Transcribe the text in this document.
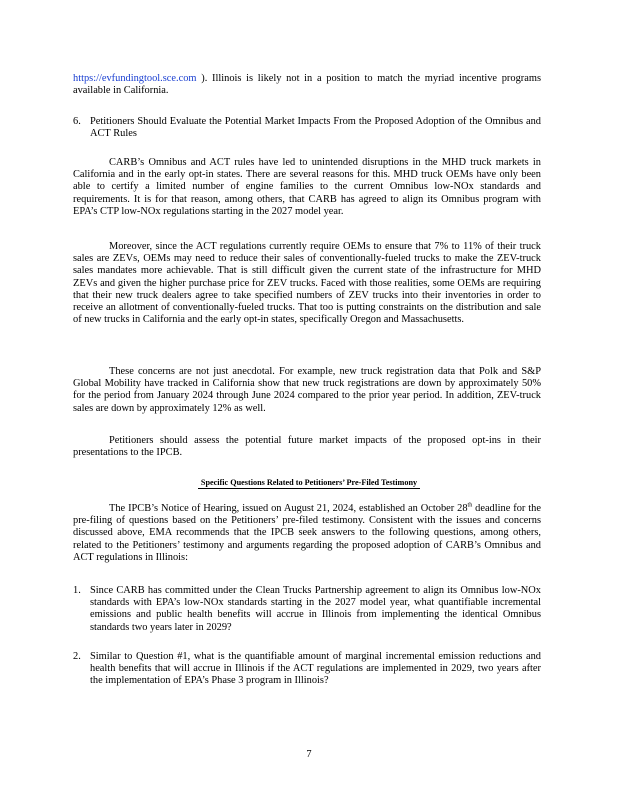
https://evfundingtool.sce.com ). Illinois is likely not in a position to match the myriad incentive programs available in California.

6. Petitioners Should Evaluate the Potential Market Impacts From the Proposed Adoption of the Omnibus and ACT Rules

CARB’s Omnibus and ACT rules have led to unintended disruptions in the MHD truck markets in California and in the early opt-in states. There are several reasons for this. MHD truck OEMs have only been able to certify a limited number of engine families to the current Omnibus low-NOx standards and requirements. It is for that reason, among others, that CARB has agreed to align its Omnibus program with EPA’s CTP low-NOx regulations starting in the 2027 model year.

Moreover, since the ACT regulations currently require OEMs to ensure that 7% to 11% of their truck sales are ZEVs, OEMs may need to reduce their sales of conventionally-fueled trucks to make the ZEV-truck sales mandates more achievable. That is still difficult given the current state of the infrastructure for MHD ZEVs and given the higher purchase price for ZEV trucks. Faced with those realities, some OEMs are requiring that their new truck dealers agree to take specified numbers of ZEV trucks into their inventories in order to receive an allotment of conventionally-fueled trucks. That too is putting constraints on the distribution and sale of new trucks in California and the early opt-in states, specifically Oregon and Massachusetts.

These concerns are not just anecdotal. For example, new truck registration data that Polk and S&P Global Mobility have tracked in California show that new truck registrations are down by approximately 50% for the period from January 2024 through June 2024 compared to the prior year period. In addition, ZEV-truck sales are down by approximately 12% as well.

Petitioners should assess the potential future market impacts of the proposed opt-ins in their presentations to the IPCB.

Specific Questions Related to Petitioners’ Pre-Filed Testimony

The IPCB’s Notice of Hearing, issued on August 21, 2024, established an October 28th deadline for the pre-filing of questions based on the Petitioners’ pre-filed testimony. Consistent with the issues and concerns discussed above, EMA recommends that the IPCB seek answers to the following questions, among others, related to the Petitioners’ testimony and arguments regarding the proposed adoption of CARB’s Omnibus and ACT regulations in Illinois:

1. Since CARB has committed under the Clean Trucks Partnership agreement to align its Omnibus low-NOx standards with EPA’s low-NOx standards starting in the 2027 model year, what quantifiable incremental emissions and public health benefits will accrue in Illinois from implementing the identical Omnibus standards two years later in 2029?

2. Similar to Question #1, what is the quantifiable amount of marginal incremental emission reductions and health benefits that will accrue in Illinois if the ACT regulations are implemented in 2029, two years after the implementation of EPA’s Phase 3 program in Illinois?

7
